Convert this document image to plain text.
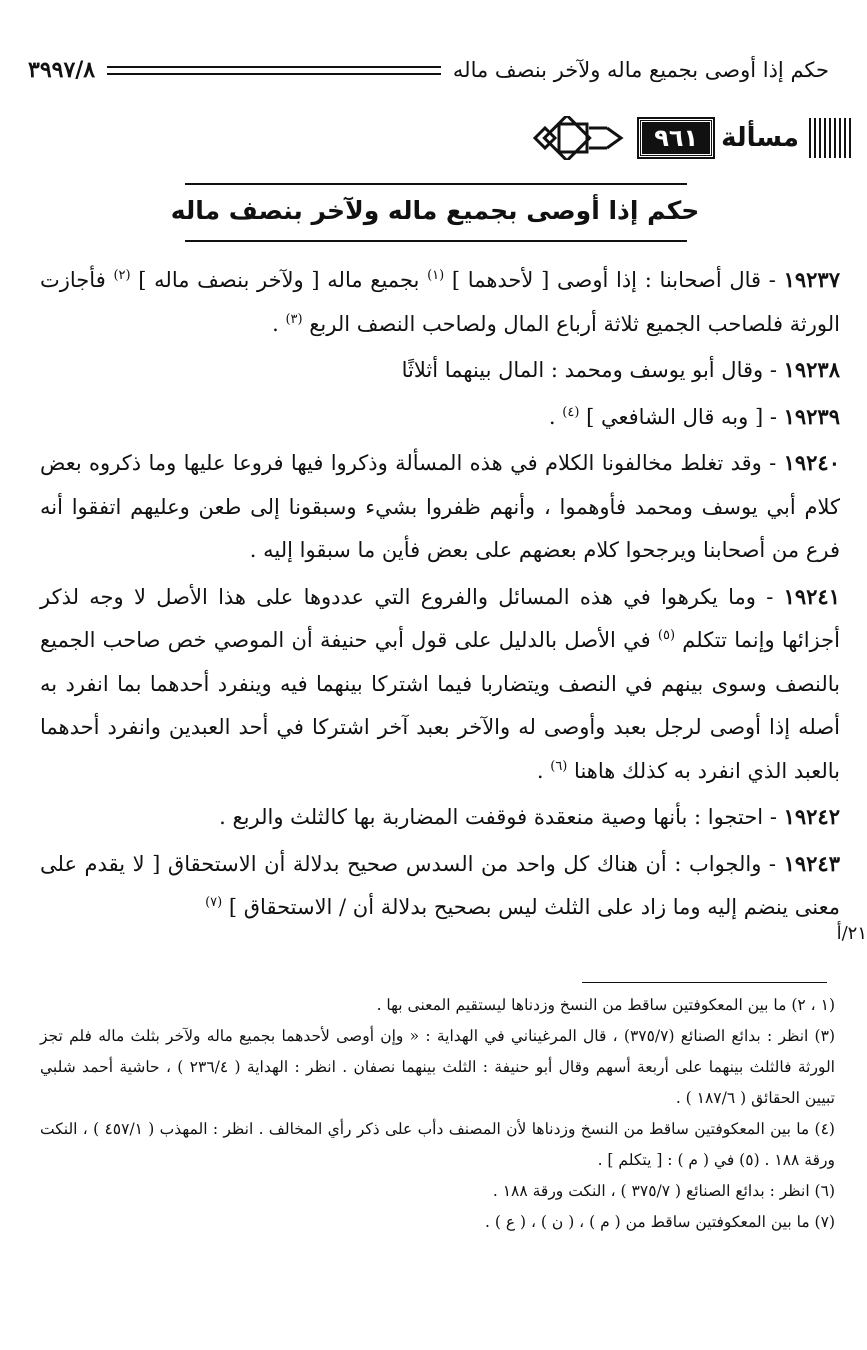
حكم إذا أوصى بجميع ماله ولآخر بنصف ماله
٣٩٩٧/٨
مسألة
٩٦١
حكم إذا أوصى بجميع ماله ولآخر بنصف ماله

١٩٢٣٧ - قال أصحابنا : إذا أوصى [ لأحدهما ] $^{(١)}$ بجميع ماله [ ولآخر بنصف ماله ] $^{(٢)}$ فأجازت الورثة فلصاحب الجميع ثلاثة أرباع المال ولصاحب النصف الربع $^{(٣)}$ .

١٩٢٣٨ - وقال أبو يوسف ومحمد : المال بينهما أثلاثًا

١٩٢٣٩ - [ وبه قال الشافعي ] $^{(٤)}$ .

١٩٢٤٠ - وقد تغلط مخالفونا الكلام في هذه المسألة وذكروا فيها فروعا عليها وما ذكروه بعض كلام أبي يوسف ومحمد فأوهموا ، وأنهم ظفروا بشيء وسبقونا إلى طعن وعليهم اتفقوا أنه فرع من أصحابنا ويرجحوا كلام بعضهم على بعض فأين ما سبقوا إليه .

١٩٢٤١ - وما يكرهوا في هذه المسائل والفروع التي عددوها على هذا الأصل لا وجه لذكر أجزائها وإنما تتكلم $^{(٥)}$ في الأصل بالدليل على قول أبي حنيفة أن الموصي خص صاحب الجميع بالنصف وسوى بينهم في النصف ويتضاربا فيما اشتركا بينهما فيه وينفرد أحدهما بما انفرد به أصله إذا أوصى لرجل بعبد وأوصى له والآخر بعبد آخر اشتركا في أحد العبدين وانفرد أحدهما بالعبد الذي انفرد به كذلك هاهنا $^{(٦)}$ .

١٩٢٤٢ - احتجوا : بأنها وصية منعقدة فوقفت المضاربة بها كالثلث والربع .

١٩٢٤٣ - والجواب : أن هناك كل واحد من السدس صحيح بدلالة أن الاستحقاق [ لا يقدم على معنى ينضم إليه وما زاد على الثلث ليس بصحيح بدلالة أن / الاستحقاق ] $^{(٧)}$

٢١/أ

(١ ، ٢) ما بين المعكوفتين ساقط من النسخ وزدناها ليستقيم المعنى بها .

(٣) انظر : بدائع الصنائع (٣٧٥/٧) ، قال المرغيناني في الهداية : « وإن أوصى لأحدهما بجميع ماله ولآخر بثلث ماله فلم تجز الورثة فالثلث بينهما على أربعة أسهم وقال أبو حنيفة : الثلث بينهما نصفان . انظر : الهداية ( ٢٣٦/٤ ) ، حاشية أحمد شلبي تبيين الحقائق ( ١٨٧/٦ ) .

(٤) ما بين المعكوفتين ساقط من النسخ وزدناها لأن المصنف دأب على ذكر رأي المخالف . انظر : المهذب ( ٤٥٧/١ ) ، النكت ورقة ١٨٨ . (٥) في ( م ) : [ يتكلم ] .

(٦) انظر : بدائع الصنائع ( ٣٧٥/٧ ) ، النكت ورقة ١٨٨ .

(٧) ما بين المعكوفتين ساقط من ( م ) ، ( ن ) ، ( ع ) .
